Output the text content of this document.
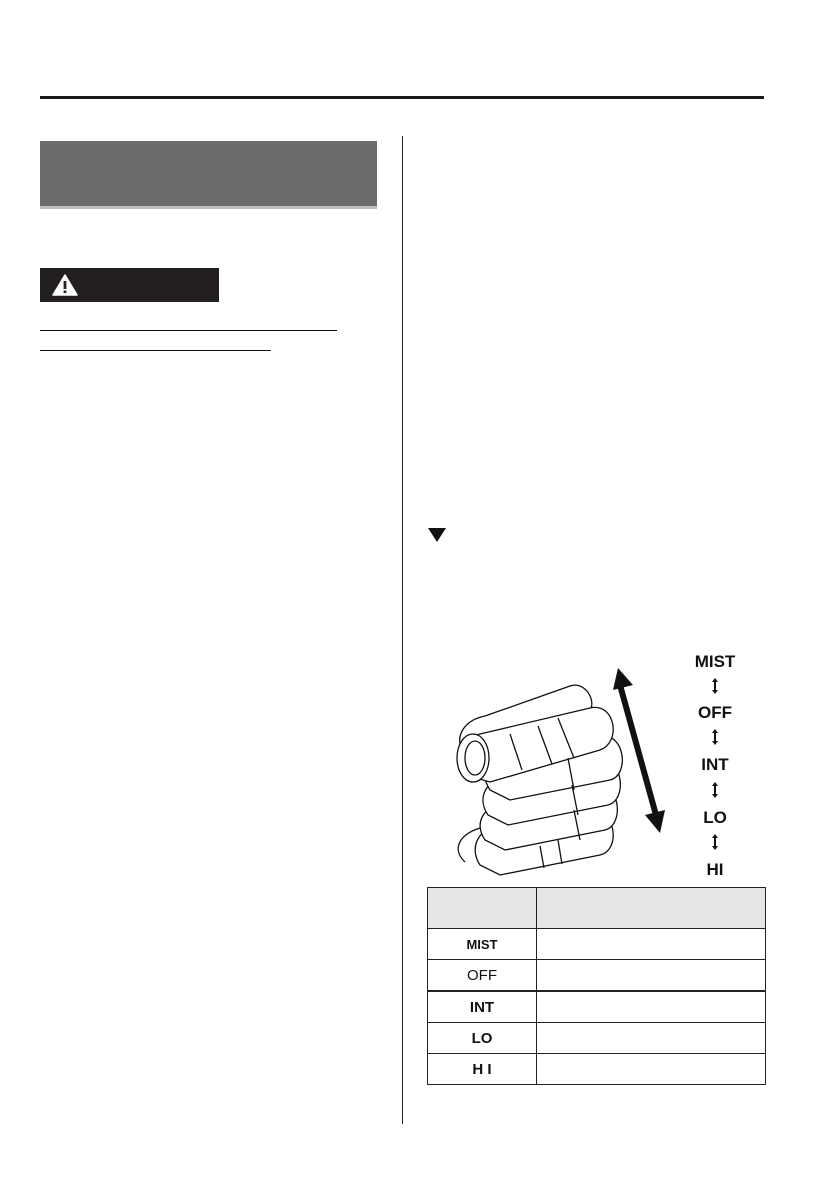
MIST
OFF
INT
LO
HI

MIST	
OFF	
INT	
LO	
H I	
